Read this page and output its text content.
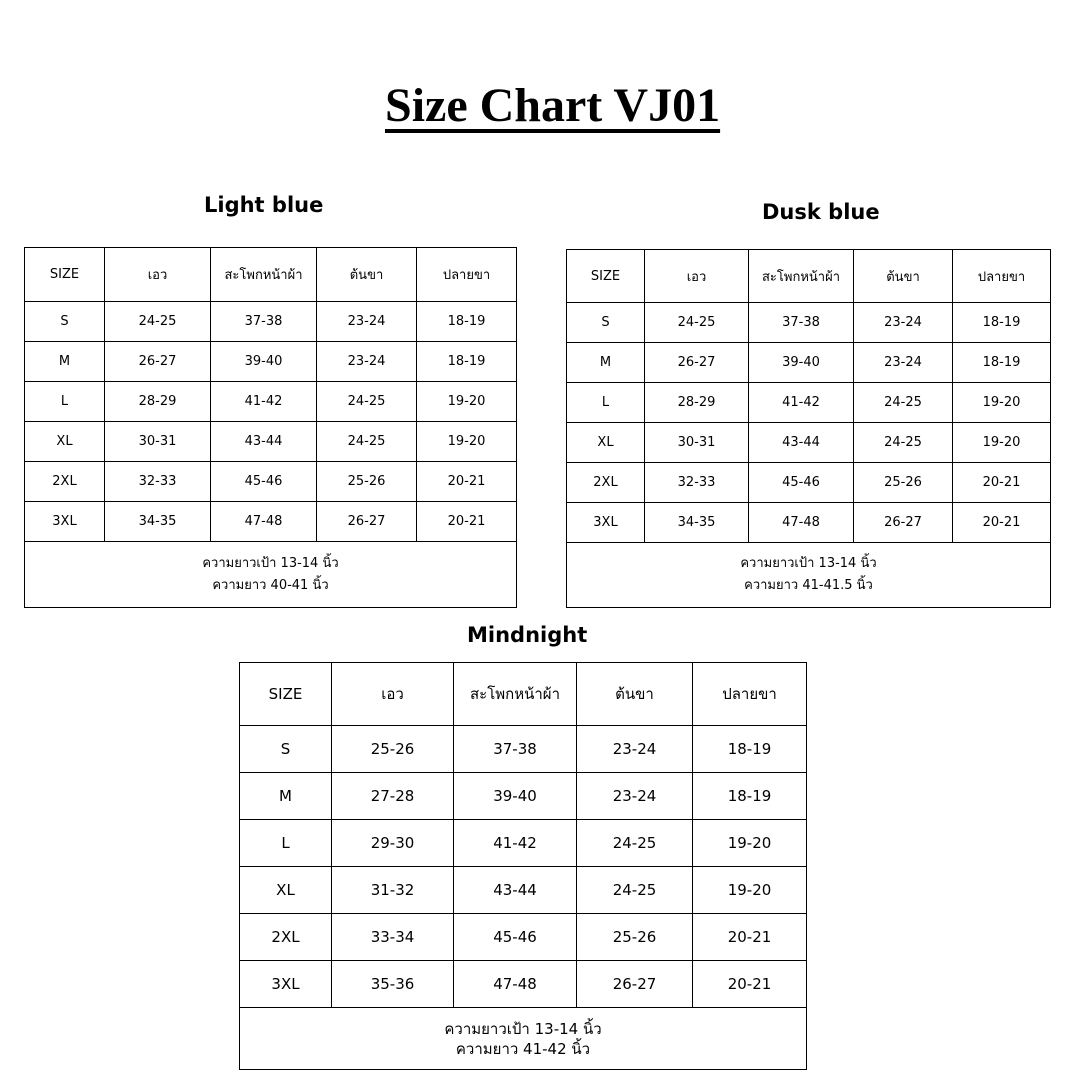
Size Chart VJ01
Light blue
SIZE	เอว	สะโพกหน้าผ้า	ต้นขา	ปลายขา
S	24-25	37-38	23-24	18-19
M	26-27	39-40	23-24	18-19
L	28-29	41-42	24-25	19-20
XL	30-31	43-44	24-25	19-20
2XL	32-33	45-46	25-26	20-21
3XL	34-35	47-48	26-27	20-21

ความยาวเป้า 13-14 นิ้ว
ความยาว 40-41 นิ้ว				
Dusk blue
SIZE	เอว	สะโพกหน้าผ้า	ต้นขา	ปลายขา
S	24-25	37-38	23-24	18-19
M	26-27	39-40	23-24	18-19
L	28-29	41-42	24-25	19-20
XL	30-31	43-44	24-25	19-20
2XL	32-33	45-46	25-26	20-21
3XL	34-35	47-48	26-27	20-21

ความยาวเป้า 13-14 นิ้ว
ความยาว 41-41.5 นิ้ว				
Mindnight
SIZE	เอว	สะโพกหน้าผ้า	ต้นขา	ปลายขา
S	25-26	37-38	23-24	18-19
M	27-28	39-40	23-24	18-19
L	29-30	41-42	24-25	19-20
XL	31-32	43-44	24-25	19-20
2XL	33-34	45-46	25-26	20-21
3XL	35-36	47-48	26-27	20-21

ความยาวเป้า 13-14 นิ้ว
ความยาว 41-42 นิ้ว				
